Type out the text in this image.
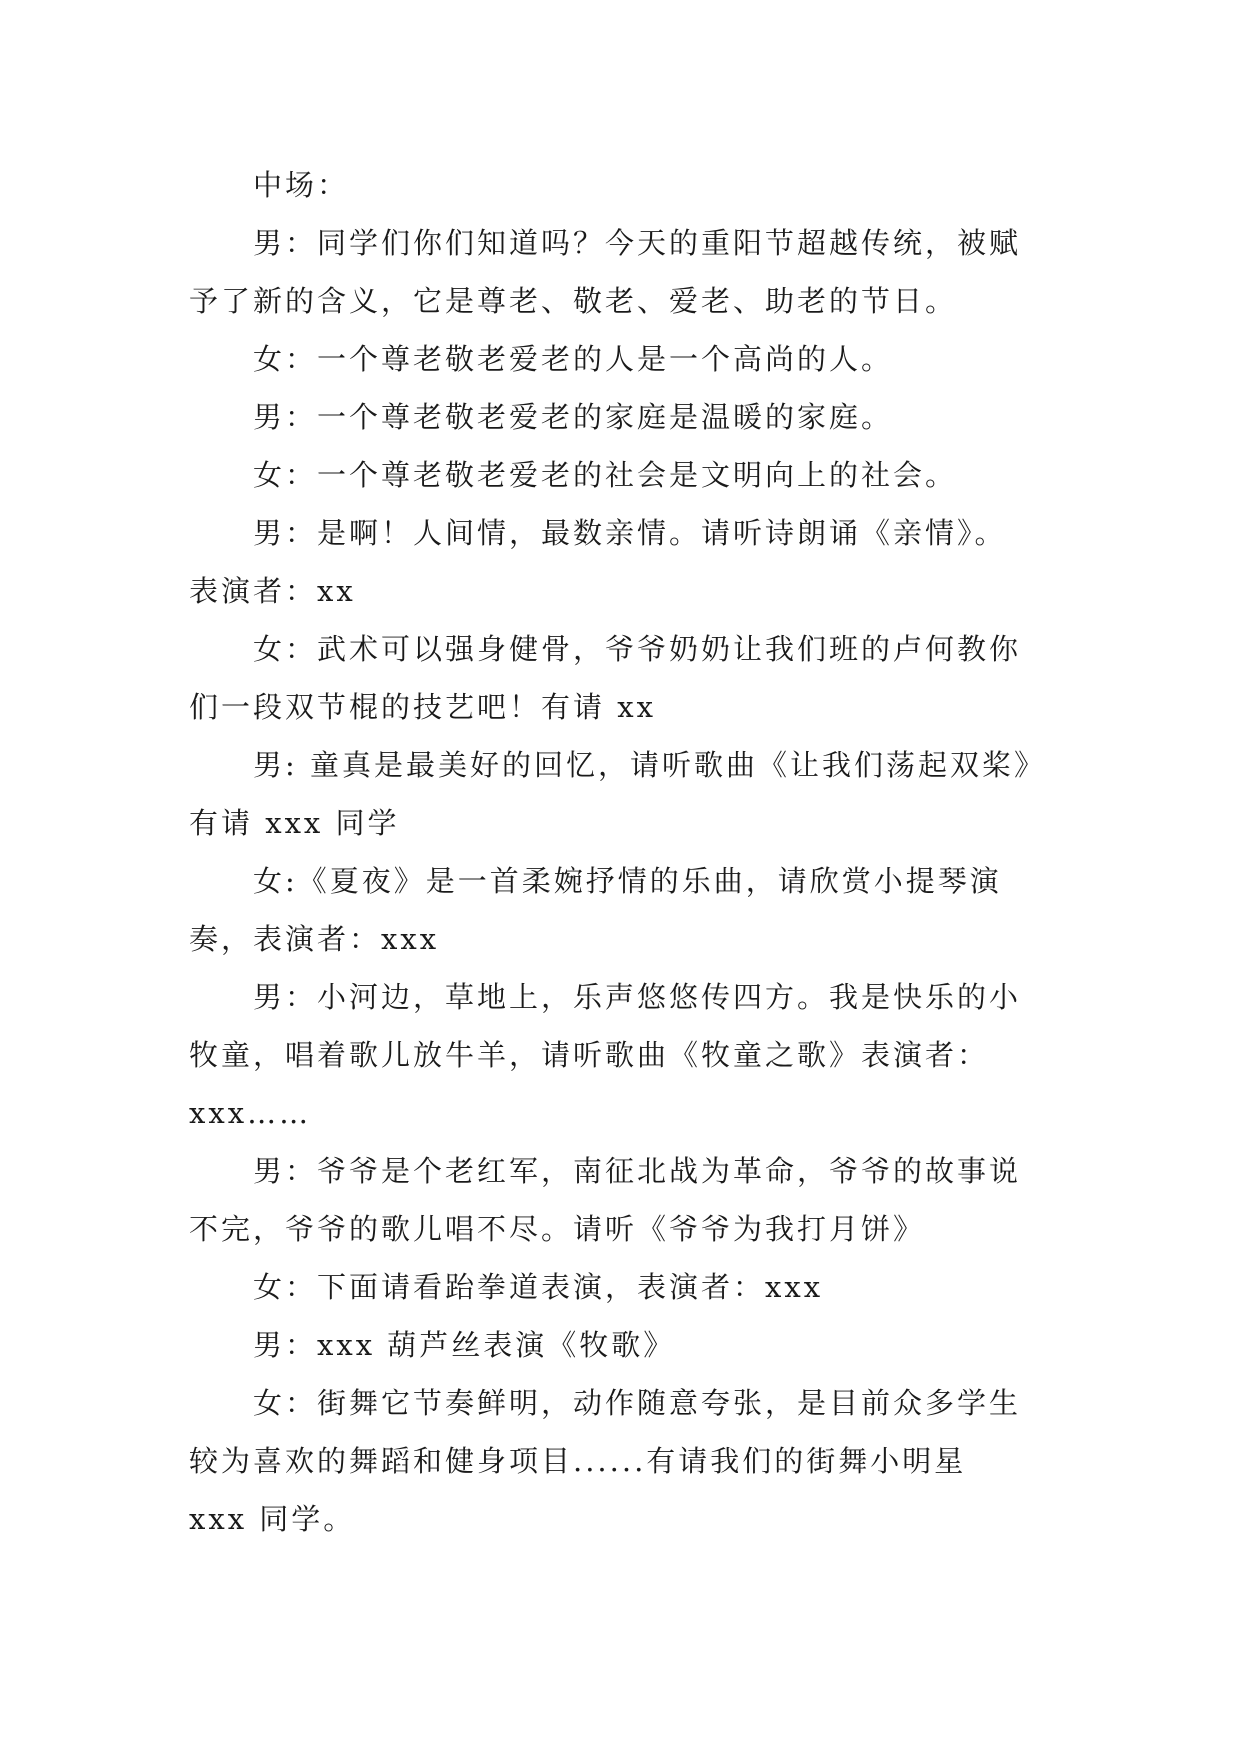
中场：
男：同学们你们知道吗？今天的重阳节超越传统，被赋
予了新的含义，它是尊老、敬老、爱老、助老的节日。
女：一个尊老敬老爱老的人是一个高尚的人。
男：一个尊老敬老爱老的家庭是温暖的家庭。
女：一个尊老敬老爱老的社会是文明向上的社会。
男：是啊！人间情，最数亲情。请听诗朗诵《亲情》。
表演者：xx
女：武术可以强身健骨，爷爷奶奶让我们班的卢何教你
们一段双节棍的技艺吧！有请 xx
男: 童真是最美好的回忆，请听歌曲《让我们荡起双桨》
有请 xxx 同学
女:《夏夜》是一首柔婉抒情的乐曲，请欣赏小提琴演
奏，表演者：xxx
男：小河边，草地上，乐声悠悠传四方。我是快乐的小
牧童，唱着歌儿放牛羊，请听歌曲《牧童之歌》表演者：
xxx……
男：爷爷是个老红军，南征北战为革命，爷爷的故事说
不完，爷爷的歌儿唱不尽。请听《爷爷为我打月饼》
女：下面请看跆拳道表演，表演者：xxx
男：xxx 葫芦丝表演《牧歌》
女：街舞它节奏鲜明，动作随意夸张，是目前众多学生
较为喜欢的舞蹈和健身项目......有请我们的街舞小明星
xxx 同学。
